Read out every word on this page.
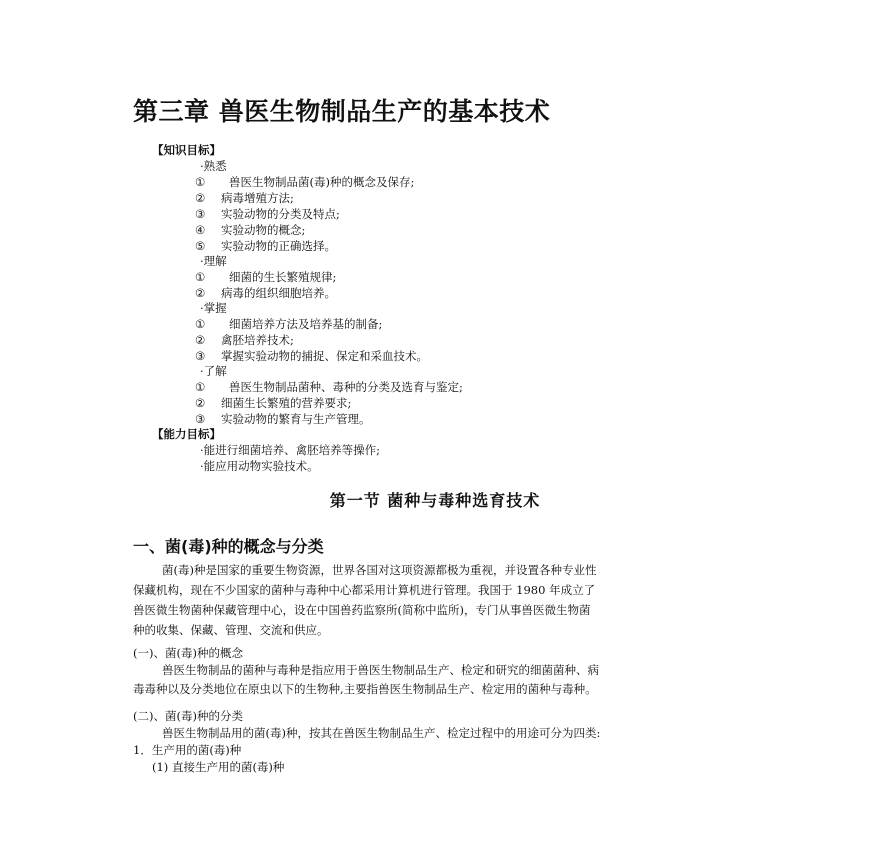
第三章 兽医生物制品生产的基本技术
【知识目标】
·熟悉
① 兽医生物制品菌(毒)种的概念及保存;
② 病毒增殖方法;
③ 实验动物的分类及特点;
④ 实验动物的概念;
⑤ 实验动物的正确选择。
·理解
① 细菌的生长繁殖规律;
② 病毒的组织细胞培养。
·掌握
① 细菌培养方法及培养基的制备;
② 禽胚培养技术;
③ 掌握实验动物的捕捉、保定和采血技术。
·了解
① 兽医生物制品菌种、毒种的分类及选育与鉴定;
② 细菌生长繁殖的营养要求;
③ 实验动物的繁育与生产管理。
【能力目标】
·能进行细菌培养、禽胚培养等操作;
·能应用动物实验技术。
第一节 菌种与毒种选育技术
一、菌(毒)种的概念与分类
菌(毒)种是国家的重要生物资源，世界各国对这项资源都极为重视，并设置各种专业性
保藏机构，现在不少国家的菌种与毒种中心都采用计算机进行管理。我国于 1980 年成立了
兽医微生物菌种保藏管理中心，设在中国兽药监察所(简称中监所)，专门从事兽医微生物菌
种的收集、保藏、管理、交流和供应。
(一)、菌(毒)种的概念
兽医生物制品的菌种与毒种是指应用于兽医生物制品生产、检定和研究的细菌菌种、病
毒毒种以及分类地位在原虫以下的生物种,主要指兽医生物制品生产、检定用的菌种与毒种。
(二)、菌(毒)种的分类
兽医生物制品用的菌(毒)种，按其在兽医生物制品生产、检定过程中的用途可分为四类:
1．生产用的菌(毒)种
(1) 直接生产用的菌(毒)种
